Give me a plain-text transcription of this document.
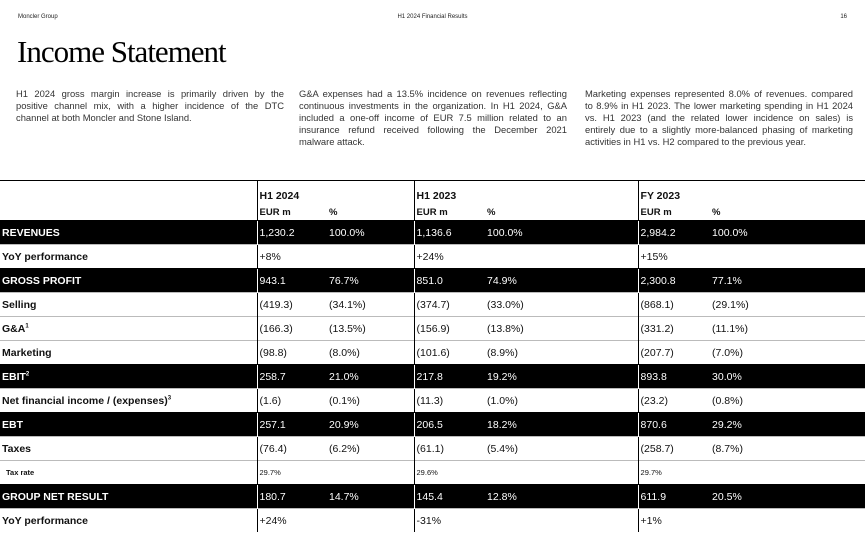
Moncler Group	H1 2024 Financial Results	16
Income Statement

H1 2024 gross margin increase is primarily driven by the positive channel mix, with a higher incidence of the DTC channel at both Moncler and Stone Island.

G&A expenses had a 13.5% incidence on revenues reflecting continuous investments in the organization. In H1 2024, G&A included a one-off income of EUR 7.5 million related to an insurance refund received following the December 2021 malware attack.

Marketing expenses represented 8.0% of revenues. compared to 8.9% in H1 2023. The lower marketing spending in H1 2024 vs. H1 2023 (and the related lower incidence on sales) is entirely due to a slightly more-balanced phasing of marketing activities in H1 vs. H2 compared to the previous year.

	H1 2024		H1 2023		FY 2023	
	EUR m	%	EUR m	%	EUR m	%
REVENUES	1,230.2	100.0%	1,136.6	100.0%	2,984.2	100.0%
YoY performance	+8%		+24%		+15%	
GROSS PROFIT	943.1	76.7%	851.0	74.9%	2,300.8	77.1%
Selling	(419.3)	(34.1%)	(374.7)	(33.0%)	(868.1)	(29.1%)
$G\&A^1$	(166.3)	(13.5%)	(156.9)	(13.8%)	(331.2)	(11.1%)
Marketing	(98.8)	(8.0%)	(101.6)	(8.9%)	(207.7)	(7.0%)
EBIT$^2$	258.7	21.0%	217.8	19.2%	893.8	30.0%
Net financial income / (expenses)$^3$	(1.6)	(0.1%)	(11.3)	(1.0%)	(23.2)	(0.8%)
EBT	257.1	20.9%	206.5	18.2%	870.6	29.2%
Taxes	(76.4)	(6.2%)	(61.1)	(5.4%)	(258.7)	(8.7%)
Tax rate	29.7%		29.6%		29.7%	
GROUP NET RESULT	180.7	14.7%	145.4	12.8%	611.9	20.5%
YoY performance	+24%		-31%		+1%	
